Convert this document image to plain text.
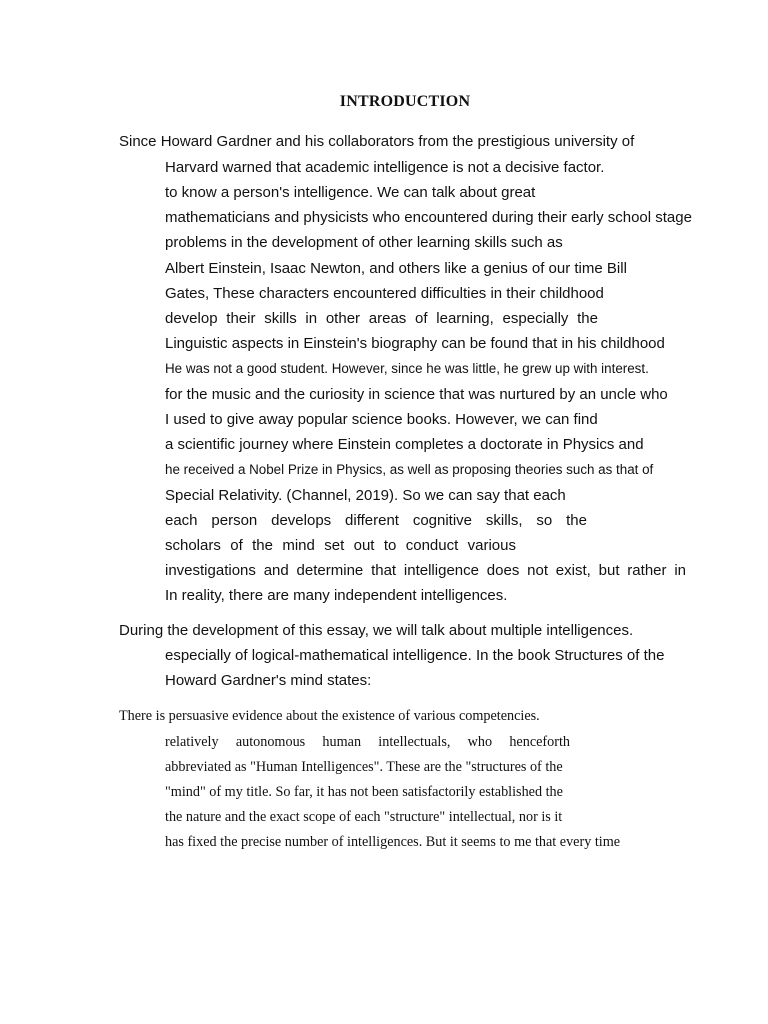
INTRODUCTION
Since Howard Gardner and his collaborators from the prestigious university of
Harvard warned that academic intelligence is not a decisive factor.
to know a person's intelligence. We can talk about great
mathematicians and physicists who encountered during their early school stage
problems in the development of other learning skills such as
Albert Einstein, Isaac Newton, and others like a genius of our time Bill
Gates, These characters encountered difficulties in their childhood
develop their skills in other areas of learning, especially the
Linguistic aspects in Einstein's biography can be found that in his childhood
He was not a good student. However, since he was little, he grew up with interest.
for the music and the curiosity in science that was nurtured by an uncle who
I used to give away popular science books. However, we can find
a scientific journey where Einstein completes a doctorate in Physics and
he received a Nobel Prize in Physics, as well as proposing theories such as that of
Special Relativity. (Channel, 2019). So we can say that each
each person develops different cognitive skills, so the
scholars of the mind set out to conduct various
investigations and determine that intelligence does not exist, but rather in
In reality, there are many independent intelligences.
During the development of this essay, we will talk about multiple intelligences.
especially of logical-mathematical intelligence. In the book Structures of the
Howard Gardner's mind states:
There is persuasive evidence about the existence of various competencies.
relatively autonomous human intellectuals, who henceforth
abbreviated as "Human Intelligences". These are the "structures of the
"mind" of my title. So far, it has not been satisfactorily established the
the nature and the exact scope of each "structure" intellectual, nor is it
has fixed the precise number of intelligences. But it seems to me that every time
